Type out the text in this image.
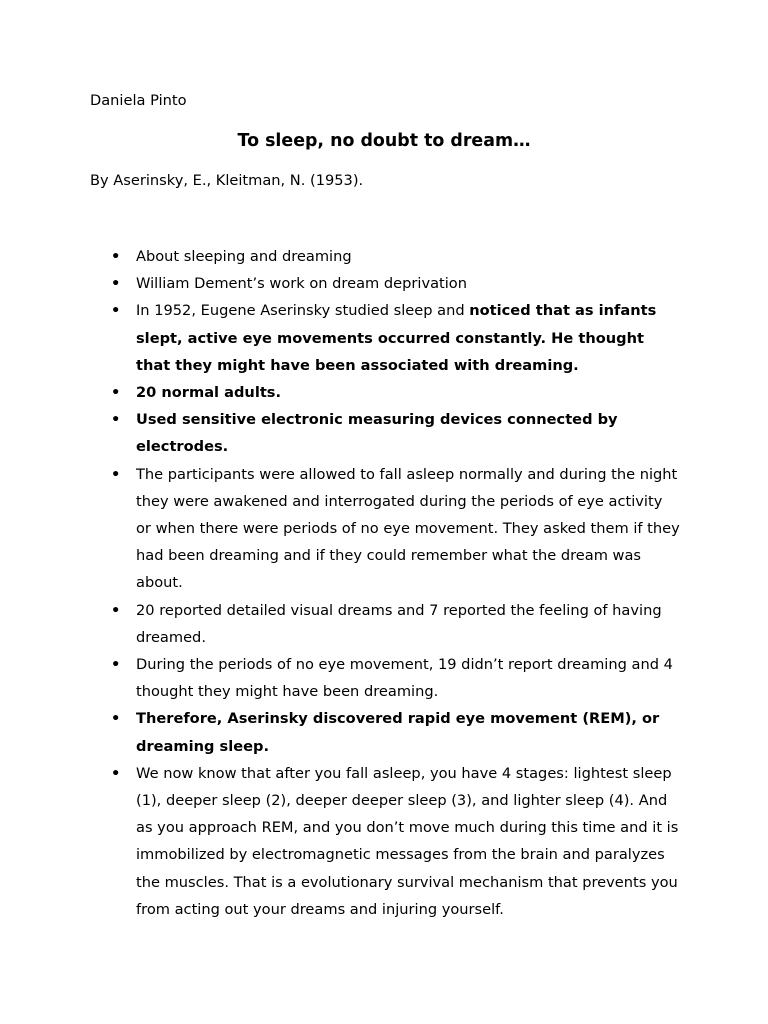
Daniela Pinto

To sleep, no doubt to dream…

By Aserinsky, E., Kleitman, N. (1953).

• About sleeping and dreaming
• William Dement’s work on dream deprivation
• In 1952, Eugene Aserinsky studied sleep and noticed that as infants slept, active eye movements occurred constantly. He thought that they might have been associated with dreaming.
• 20 normal adults.
• Used sensitive electronic measuring devices connected by electrodes.
• The participants were allowed to fall asleep normally and during the night they were awakened and interrogated during the periods of eye activity or when there were periods of no eye movement. They asked them if they had been dreaming and if they could remember what the dream was about.
• 20 reported detailed visual dreams and 7 reported the feeling of having dreamed.
• During the periods of no eye movement, 19 didn’t report dreaming and 4 thought they might have been dreaming.
• Therefore, Aserinsky discovered rapid eye movement (REM), or dreaming sleep.
• We now know that after you fall asleep, you have 4 stages: lightest sleep (1), deeper sleep (2), deeper deeper sleep (3), and lighter sleep (4). And as you approach REM, and you don’t move much during this time and it is immobilized by electromagnetic messages from the brain and paralyzes the muscles. That is a evolutionary survival mechanism that prevents you from acting out your dreams and injuring yourself.
